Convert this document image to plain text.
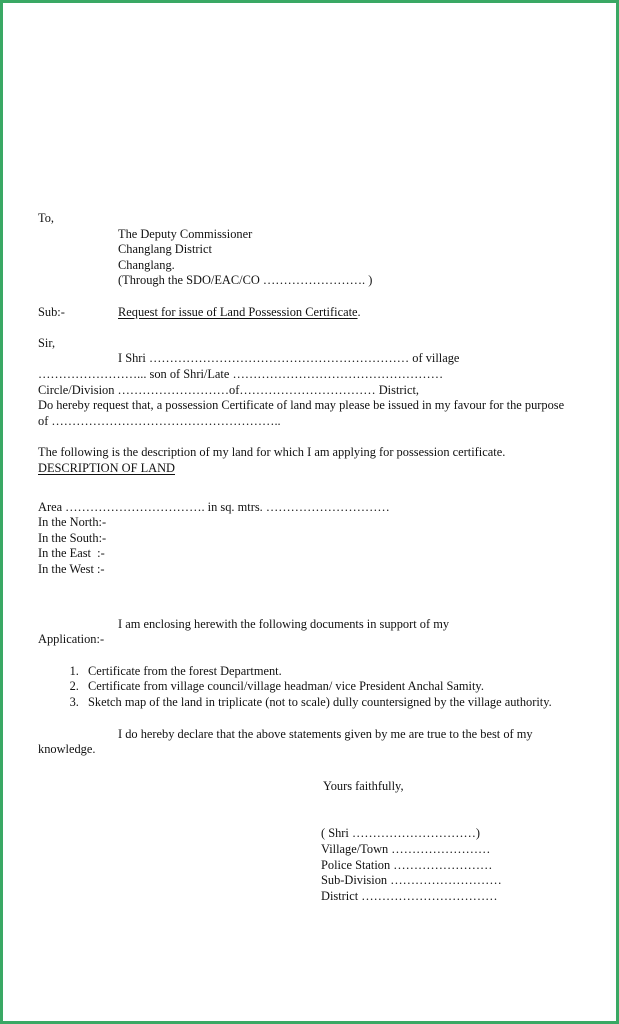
To,
The Deputy Commissioner
Changlang District
Changlang.
(Through the SDO/EAC/CO ……………………. )
Sub:-	Request for issue of Land Possession Certificate.
Sir,
I Shri ……………………………………………………… of village
……………………... son of Shri/Late ……………………………………………
Circle/Division ………………………of…………………………… District,
Do hereby request that, a possession Certificate of land may please be issued in my favour for the purpose
of ………………………………………………..
The following is the description of my land for which I am applying for possession certificate.
DESCRIPTION OF LAND
Area ……………………………. in sq. mtrs. …………………………
In the North:-
In the South:-
In the East  :-
In the West :-
I am enclosing herewith the following documents in support of my
Application:-
1. Certificate from the forest Department.
2. Certificate from village council/village headman/ vice President Anchal Samity.
3. Sketch map of the land in triplicate (not to scale) dully countersigned by the village authority.
I do hereby declare that the above statements given by me are true to the best of my
knowledge.
Yours faithfully,
( Shri …………………………)
Village/Town ……………………
Police Station ……………………
Sub-Division ………………………
District ……………………………
